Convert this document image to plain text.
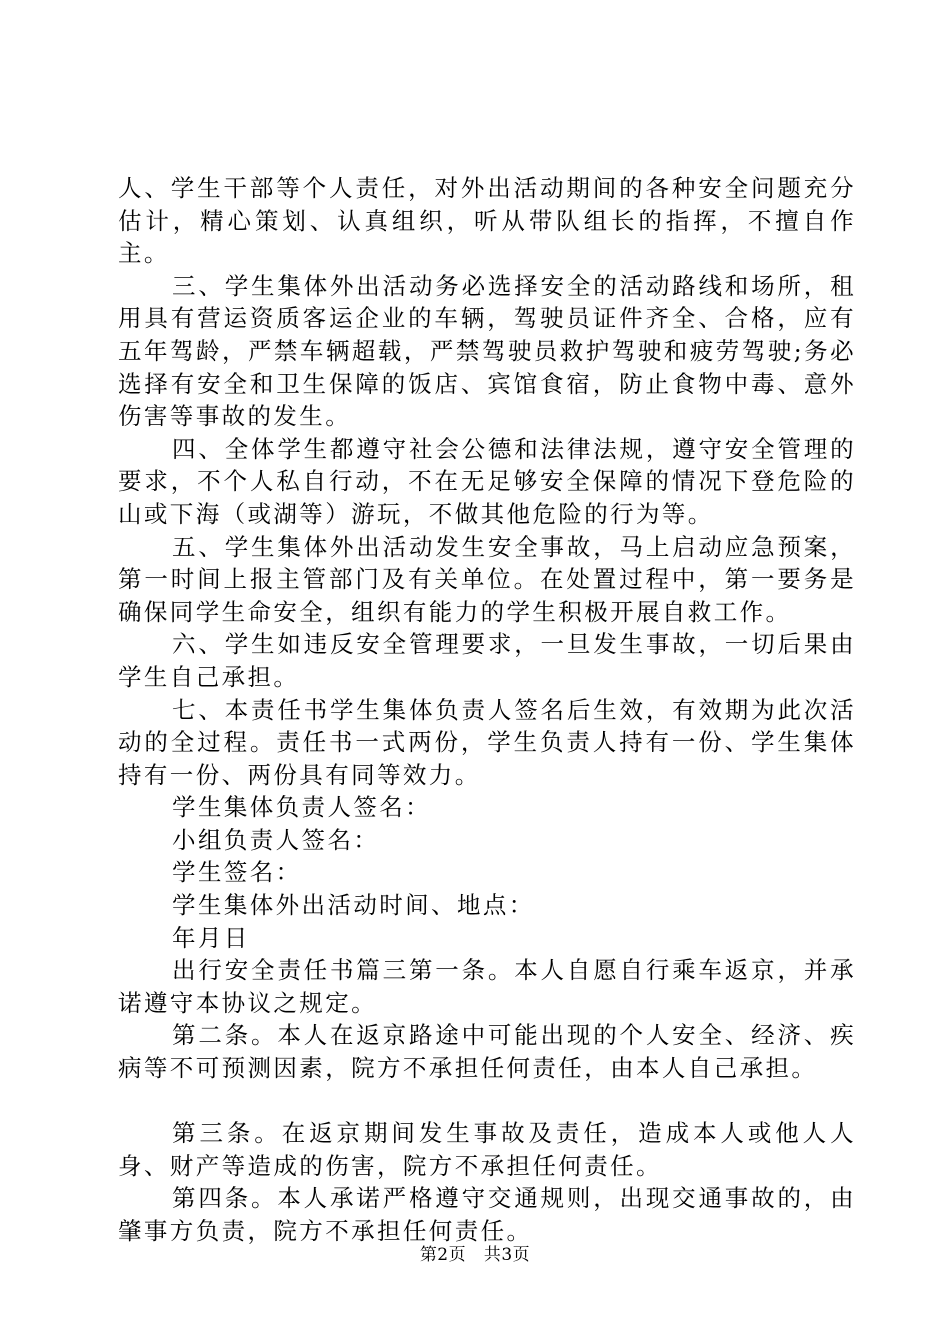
人、学生干部等个人责任，对外出活动期间的各种安全问题充分估计，精心策划、认真组织，听从带队组长的指挥，不擅自作主。

三、学生集体外出活动务必选择安全的活动路线和场所，租用具有营运资质客运企业的车辆，驾驶员证件齐全、合格，应有五年驾龄，严禁车辆超载，严禁驾驶员救护驾驶和疲劳驾驶;务必选择有安全和卫生保障的饭店、宾馆食宿，防止食物中毒、意外伤害等事故的发生。

四、全体学生都遵守社会公德和法律法规，遵守安全管理的要求，不个人私自行动，不在无足够安全保障的情况下登危险的山或下海（或湖等）游玩，不做其他危险的行为等。

五、学生集体外出活动发生安全事故，马上启动应急预案，第一时间上报主管部门及有关单位。在处置过程中，第一要务是确保同学生命安全，组织有能力的学生积极开展自救工作。

六、学生如违反安全管理要求，一旦发生事故，一切后果由学生自己承担。

七、本责任书学生集体负责人签名后生效，有效期为此次活动的全过程。责任书一式两份，学生负责人持有一份、学生集体持有一份、两份具有同等效力。

学生集体负责人签名：

小组负责人签名：

学生签名：

学生集体外出活动时间、地点：

年月日

出行安全责任书篇三第一条。本人自愿自行乘车返京，并承诺遵守本协议之规定。

第二条。本人在返京路途中可能出现的个人安全、经济、疾病等不可预测因素，院方不承担任何责任，由本人自己承担。

第三条。在返京期间发生事故及责任，造成本人或他人人身、财产等造成的伤害，院方不承担任何责任。

第四条。本人承诺严格遵守交通规则，出现交通事故的，由肇事方负责，院方不承担任何责任。

第2页 共3页
